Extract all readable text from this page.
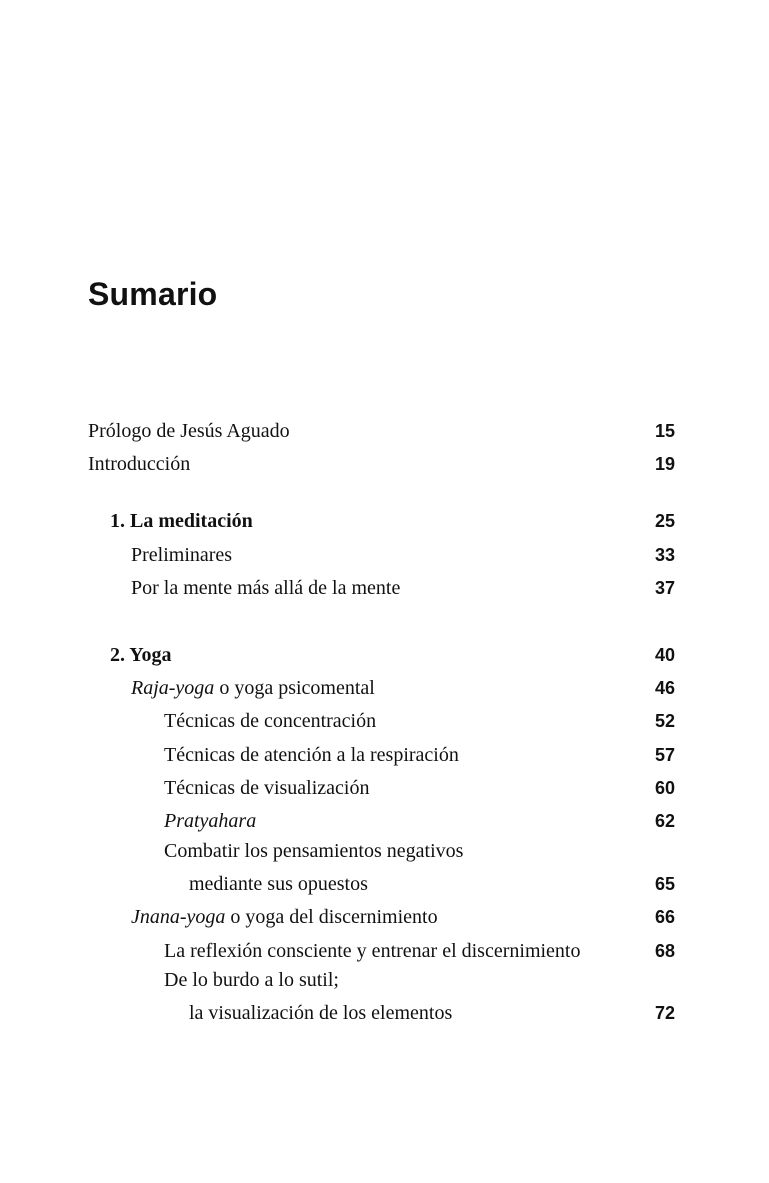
Sumario
Prólogo de Jesús Aguado	15
Introducción	19
1. La meditación	25
Preliminares	33
Por la mente más allá de la mente	37
2. Yoga	40
Raja-yoga o yoga psicomental	46
Técnicas de concentración	52
Técnicas de atención a la respiración	57
Técnicas de visualización	60
Pratyahara	62
Combatir los pensamientos negativos
mediante sus opuestos	65
Jnana-yoga o yoga del discernimiento	66
La reflexión consciente y entrenar el discernimiento	68
De lo burdo a lo sutil;
la visualización de los elementos	72
